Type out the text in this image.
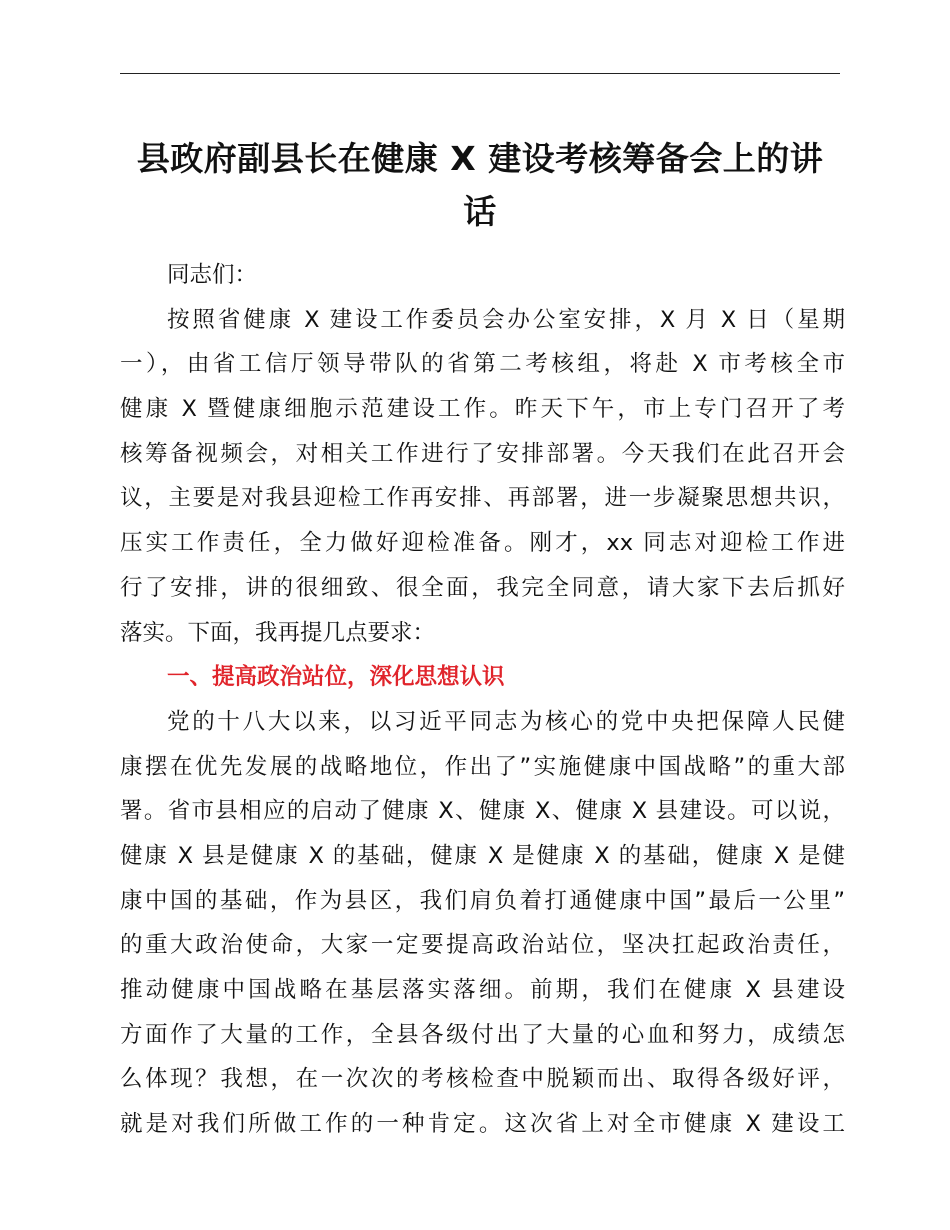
县政府副县长在健康 X 建设考核筹备会上的讲
话
同志们：
按照省健康 X 建设工作委员会办公室安排，X 月 X 日（星期
一），由省工信厅领导带队的省第二考核组，将赴 X 市考核全市
健康 X 暨健康细胞示范建设工作。昨天下午，市上专门召开了考
核筹备视频会，对相关工作进行了安排部署。今天我们在此召开会
议，主要是对我县迎检工作再安排、再部署，进一步凝聚思想共识，
压实工作责任，全力做好迎检准备。刚才，xx 同志对迎检工作进
行了安排，讲的很细致、很全面，我完全同意，请大家下去后抓好
落实。下面，我再提几点要求：
一、提高政治站位，深化思想认识
党的十八大以来，以习近平同志为核心的党中央把保障人民健
康摆在优先发展的战略地位，作出了”实施健康中国战略”的重大部
署。省市县相应的启动了健康 X、健康 X、健康 X 县建设。可以说，
健康 X 县是健康 X 的基础，健康 X 是健康 X 的基础，健康 X 是健
康中国的基础，作为县区，我们肩负着打通健康中国”最后一公里”
的重大政治使命，大家一定要提高政治站位，坚决扛起政治责任，
推动健康中国战略在基层落实落细。前期，我们在健康 X 县建设
方面作了大量的工作，全县各级付出了大量的心血和努力，成绩怎
么体现？我想，在一次次的考核检查中脱颖而出、取得各级好评，
就是对我们所做工作的一种肯定。这次省上对全市健康 X 建设工
